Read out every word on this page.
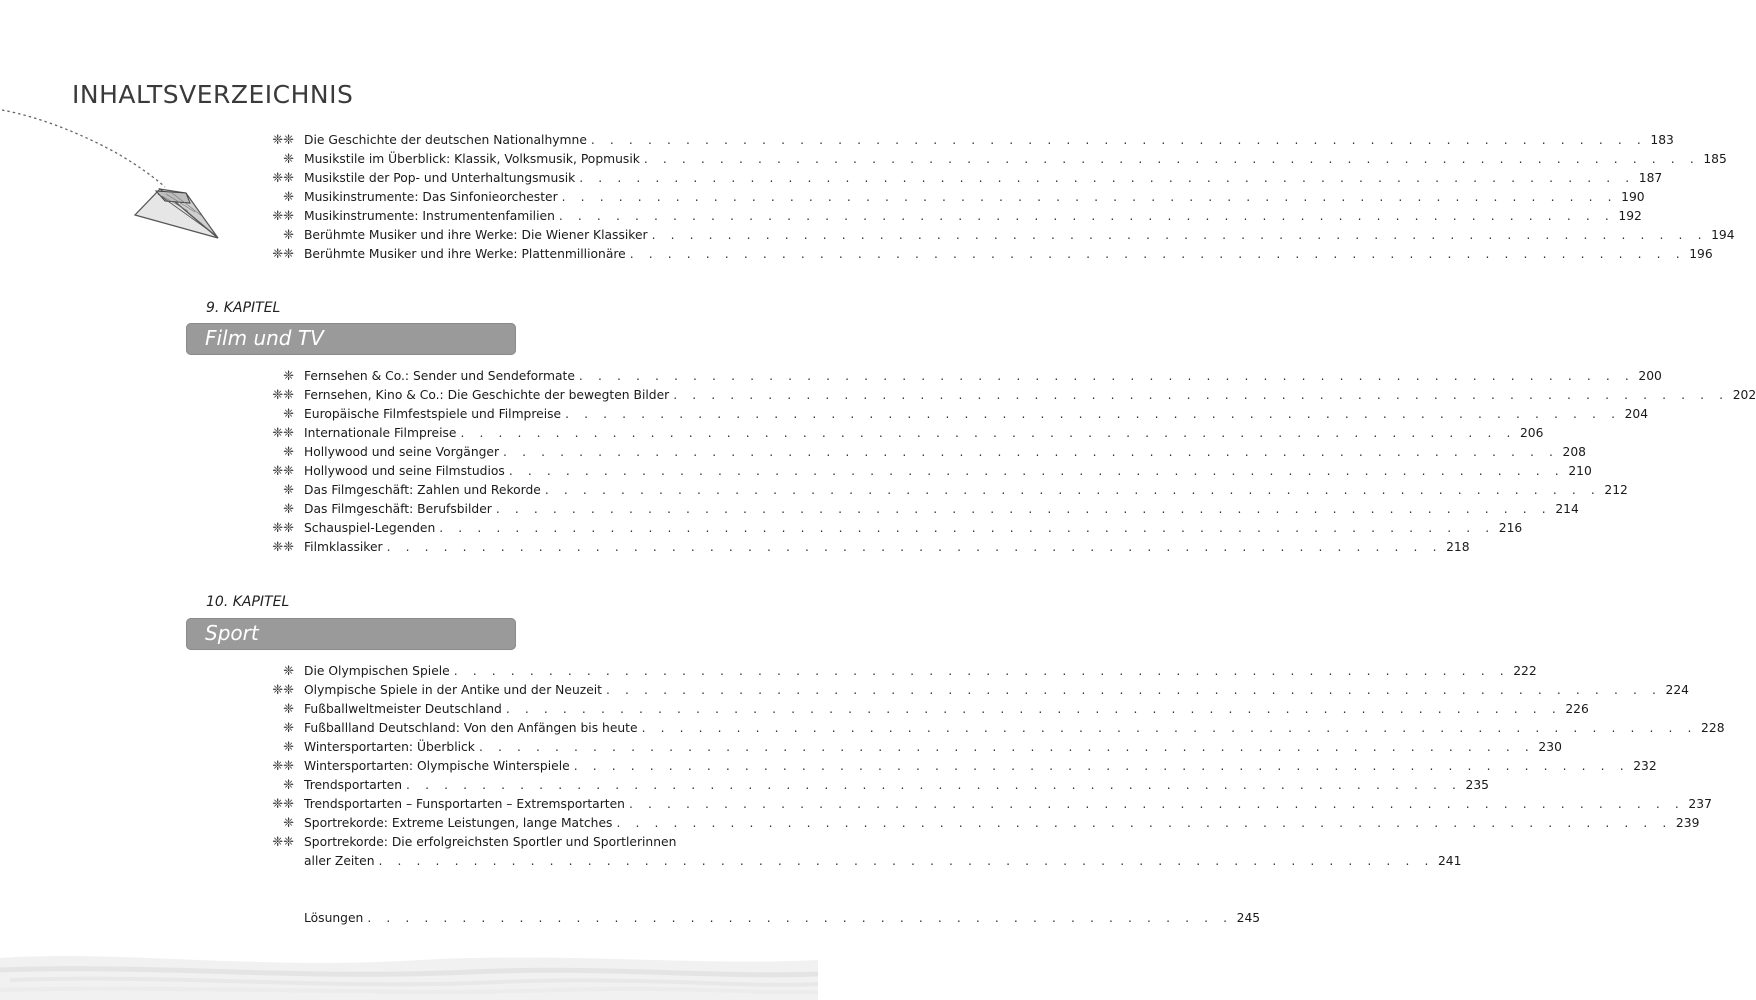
INHALTSVERZEICHNIS
❈❈ Die Geschichte der deutschen Nationalhymne . . . . . . . . . . . . . . . . . . . . . . . . . . . . . . . . . . . . . . . . . . . . . . . . . . . . . . . . 183
❈ Musikstile im Überblick: Klassik, Volksmusik, Popmusik . . . . . . . . . . . . . . . . . . . . . . . . . . . . . . . . . . . . . . . . . . . . . . . . . . . . . . . . 185
❈❈ Musikstile der Pop- und Unterhaltungsmusik . . . . . . . . . . . . . . . . . . . . . . . . . . . . . . . . . . . . . . . . . . . . . . . . . . . . . . . . 187
❈ Musikinstrumente: Das Sinfonieorchester . . . . . . . . . . . . . . . . . . . . . . . . . . . . . . . . . . . . . . . . . . . . . . . . . . . . . . . . 190
❈❈ Musikinstrumente: Instrumentenfamilien . . . . . . . . . . . . . . . . . . . . . . . . . . . . . . . . . . . . . . . . . . . . . . . . . . . . . . . . 192
❈ Berühmte Musiker und ihre Werke: Die Wiener Klassiker . . . . . . . . . . . . . . . . . . . . . . . . . . . . . . . . . . . . . . . . . . . . . . . . . . . . . . . . 194
❈❈ Berühmte Musiker und ihre Werke: Plattenmillionäre . . . . . . . . . . . . . . . . . . . . . . . . . . . . . . . . . . . . . . . . . . . . . . . . . . . . . . . . 196
9. KAPITEL
Film und TV
❈ Fernsehen & Co.: Sender und Sendeformate . . . . . . . . . . . . . . . . . . . . . . . . . . . . . . . . . . . . . . . . . . . . . . . . . . . . . . . . 200
❈❈ Fernsehen, Kino & Co.: Die Geschichte der bewegten Bilder . . . . . . . . . . . . . . . . . . . . . . . . . . . . . . . . . . . . . . . . . . . . . . . . . . . . . . . . 202
❈ Europäische Filmfestspiele und Filmpreise . . . . . . . . . . . . . . . . . . . . . . . . . . . . . . . . . . . . . . . . . . . . . . . . . . . . . . . . 204
❈❈ Internationale Filmpreise . . . . . . . . . . . . . . . . . . . . . . . . . . . . . . . . . . . . . . . . . . . . . . . . . . . . . . . . 206
❈ Hollywood und seine Vorgänger . . . . . . . . . . . . . . . . . . . . . . . . . . . . . . . . . . . . . . . . . . . . . . . . . . . . . . . . 208
❈❈ Hollywood und seine Filmstudios . . . . . . . . . . . . . . . . . . . . . . . . . . . . . . . . . . . . . . . . . . . . . . . . . . . . . . . . 210
❈ Das Filmgeschäft: Zahlen und Rekorde . . . . . . . . . . . . . . . . . . . . . . . . . . . . . . . . . . . . . . . . . . . . . . . . . . . . . . . . 212
❈ Das Filmgeschäft: Berufsbilder . . . . . . . . . . . . . . . . . . . . . . . . . . . . . . . . . . . . . . . . . . . . . . . . . . . . . . . . 214
❈❈ Schauspiel-Legenden . . . . . . . . . . . . . . . . . . . . . . . . . . . . . . . . . . . . . . . . . . . . . . . . . . . . . . . . 216
❈❈ Filmklassiker . . . . . . . . . . . . . . . . . . . . . . . . . . . . . . . . . . . . . . . . . . . . . . . . . . . . . . . . 218
10. KAPITEL
Sport
❈ Die Olympischen Spiele . . . . . . . . . . . . . . . . . . . . . . . . . . . . . . . . . . . . . . . . . . . . . . . . . . . . . . . . 222
❈❈ Olympische Spiele in der Antike und der Neuzeit . . . . . . . . . . . . . . . . . . . . . . . . . . . . . . . . . . . . . . . . . . . . . . . . . . . . . . . . 224
❈ Fußballweltmeister Deutschland . . . . . . . . . . . . . . . . . . . . . . . . . . . . . . . . . . . . . . . . . . . . . . . . . . . . . . . . 226
❈ Fußballland Deutschland: Von den Anfängen bis heute . . . . . . . . . . . . . . . . . . . . . . . . . . . . . . . . . . . . . . . . . . . . . . . . . . . . . . . . 228
❈ Wintersportarten: Überblick . . . . . . . . . . . . . . . . . . . . . . . . . . . . . . . . . . . . . . . . . . . . . . . . . . . . . . . . 230
❈❈ Wintersportarten: Olympische Winterspiele . . . . . . . . . . . . . . . . . . . . . . . . . . . . . . . . . . . . . . . . . . . . . . . . . . . . . . . . 232
❈ Trendsportarten . . . . . . . . . . . . . . . . . . . . . . . . . . . . . . . . . . . . . . . . . . . . . . . . . . . . . . . . 235
❈❈ Trendsportarten – Funsportarten – Extremsportarten . . . . . . . . . . . . . . . . . . . . . . . . . . . . . . . . . . . . . . . . . . . . . . . . . . . . . . . . 237
❈ Sportrekorde: Extreme Leistungen, lange Matches . . . . . . . . . . . . . . . . . . . . . . . . . . . . . . . . . . . . . . . . . . . . . . . . . . . . . . . . 239
❈❈ Sportrekorde: Die erfolgreichsten Sportler und Sportlerinnen
aller Zeiten . . . . . . . . . . . . . . . . . . . . . . . . . . . . . . . . . . . . . . . . . . . . . . . . . . . . . . . . 241
Lösungen . . . . . . . . . . . . . . . . . . . . . . . . . . . . . . . . . . . . . . . . . . . . . . 245
